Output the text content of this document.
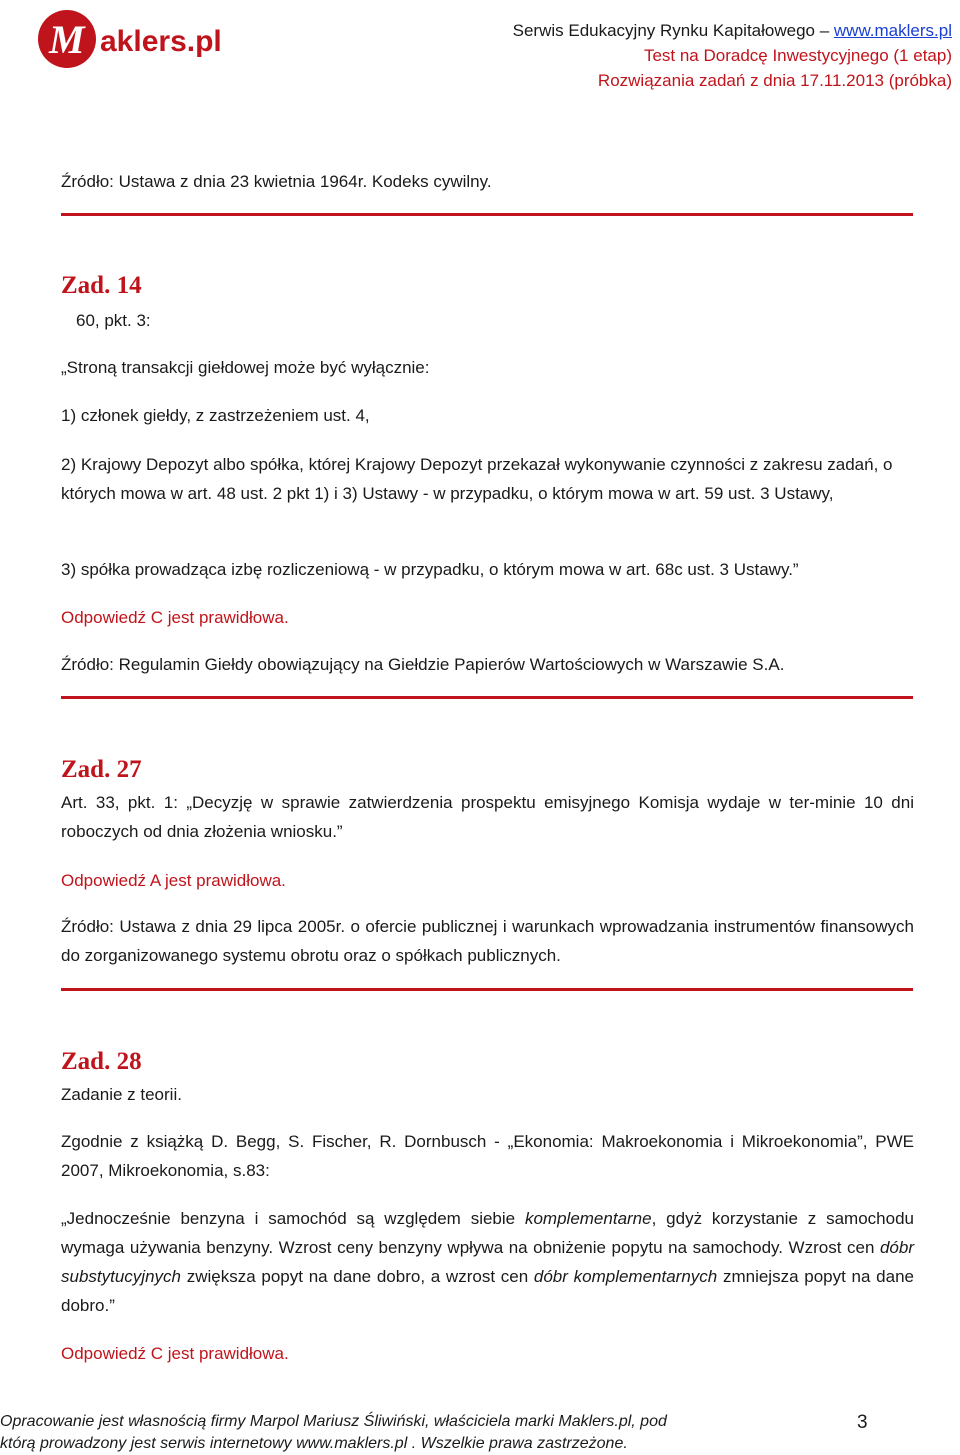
M aklers.pl	Serwis Edukacyjny Rynku Kapitałowego – www.maklers.pl
Test na Doradcę Inwestycyjnego (1 etap)
Rozwiązania zadań z dnia 17.11.2013 (próbka)
Źródło: Ustawa z dnia 23 kwietnia 1964r. Kodeks cywilny.
Zad. 14
60, pkt. 3:
„Stroną transakcji giełdowej może być wyłącznie:
1) członek giełdy, z zastrzeżeniem ust. 4,
2) Krajowy Depozyt albo spółka, której Krajowy Depozyt przekazał wykonywanie czynności z zakresu zadań, o których mowa w art. 48 ust. 2 pkt 1) i 3) Ustawy - w przypadku, o którym mowa w art. 59 ust. 3 Ustawy,
3) spółka prowadząca izbę rozliczeniową - w przypadku, o którym mowa w art. 68c ust. 3 Ustawy.”
Odpowiedź C jest prawidłowa.
Źródło: Regulamin Giełdy obowiązujący na Giełdzie Papierów Wartościowych w Warszawie S.A.
Zad. 27
Art. 33, pkt. 1: „Decyzję w sprawie zatwierdzenia prospektu emisyjnego Komisja wydaje w ter-minie 10 dni roboczych od dnia złożenia wniosku.”
Odpowiedź A jest prawidłowa.
Źródło: Ustawa z dnia 29 lipca 2005r. o ofercie publicznej i warunkach wprowadzania instrumentów finansowych do zorganizowanego systemu obrotu oraz o spółkach publicznych.
Zad. 28
Zadanie z teorii.
Zgodnie z książką D. Begg, S. Fischer, R. Dornbusch - „Ekonomia: Makroekonomia i Mikroekonomia”, PWE 2007, Mikroekonomia, s.83:
„Jednocześnie benzyna i samochód są względem siebie komplementarne, gdyż korzystanie z samochodu wymaga używania benzyny. Wzrost ceny benzyny wpływa na obniżenie popytu na samochody. Wzrost cen dóbr substytucyjnych zwiększa popyt na dane dobro, a wzrost cen dóbr komplementarnych zmniejsza popyt na dane dobro.”
Odpowiedź C jest prawidłowa.
Opracowanie jest własnością firmy Marpol Mariusz Śliwiński, właściciela marki Maklers.pl, pod
którą prowadzony jest serwis internetowy www.maklers.pl . Wszelkie prawa zastrzeżone.
3
